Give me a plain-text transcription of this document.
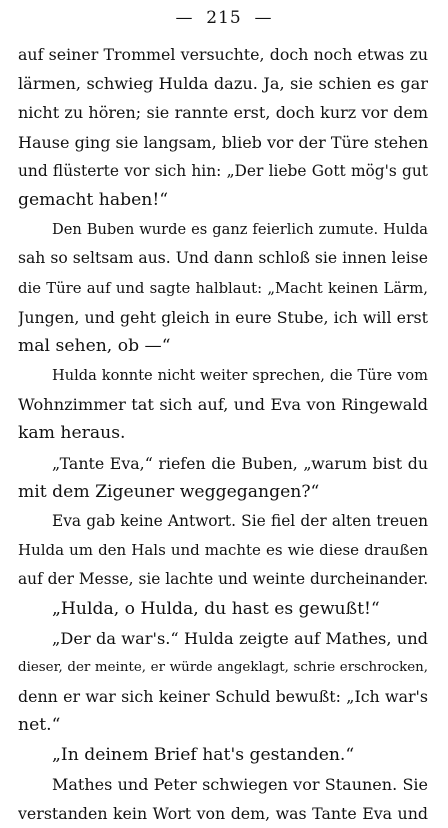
—  215  —
auf seiner Trommel versuchte, doch noch etwas zu
lärmen, schwieg Hulda dazu. Ja, sie schien es gar
nicht zu hören; sie rannte erst, doch kurz vor dem
Hause ging sie langsam, blieb vor der Türe stehen
und flüsterte vor sich hin: „Der liebe Gott mög's gut
gemacht haben!“
Den Buben wurde es ganz feierlich zumute. Hulda
sah so seltsam aus. Und dann schloß sie innen leise
die Türe auf und sagte halblaut: „Macht keinen Lärm,
Jungen, und geht gleich in eure Stube, ich will erst
mal sehen, ob —“
Hulda konnte nicht weiter sprechen, die Türe vom
Wohnzimmer tat sich auf, und Eva von Ringewald
kam heraus.
„Tante Eva,“ riefen die Buben, „warum bist du
mit dem Zigeuner weggegangen?“
Eva gab keine Antwort. Sie fiel der alten treuen
Hulda um den Hals und machte es wie diese draußen
auf der Messe, sie lachte und weinte durcheinander.
„Hulda, o Hulda, du hast es gewußt!“
„Der da war's.“ Hulda zeigte auf Mathes, und
dieser, der meinte, er würde angeklagt, schrie erschrocken,
denn er war sich keiner Schuld bewußt: „Ich war's
net.“
„In deinem Brief hat's gestanden.“
Mathes und Peter schwiegen vor Staunen. Sie
verstanden kein Wort von dem, was Tante Eva und
